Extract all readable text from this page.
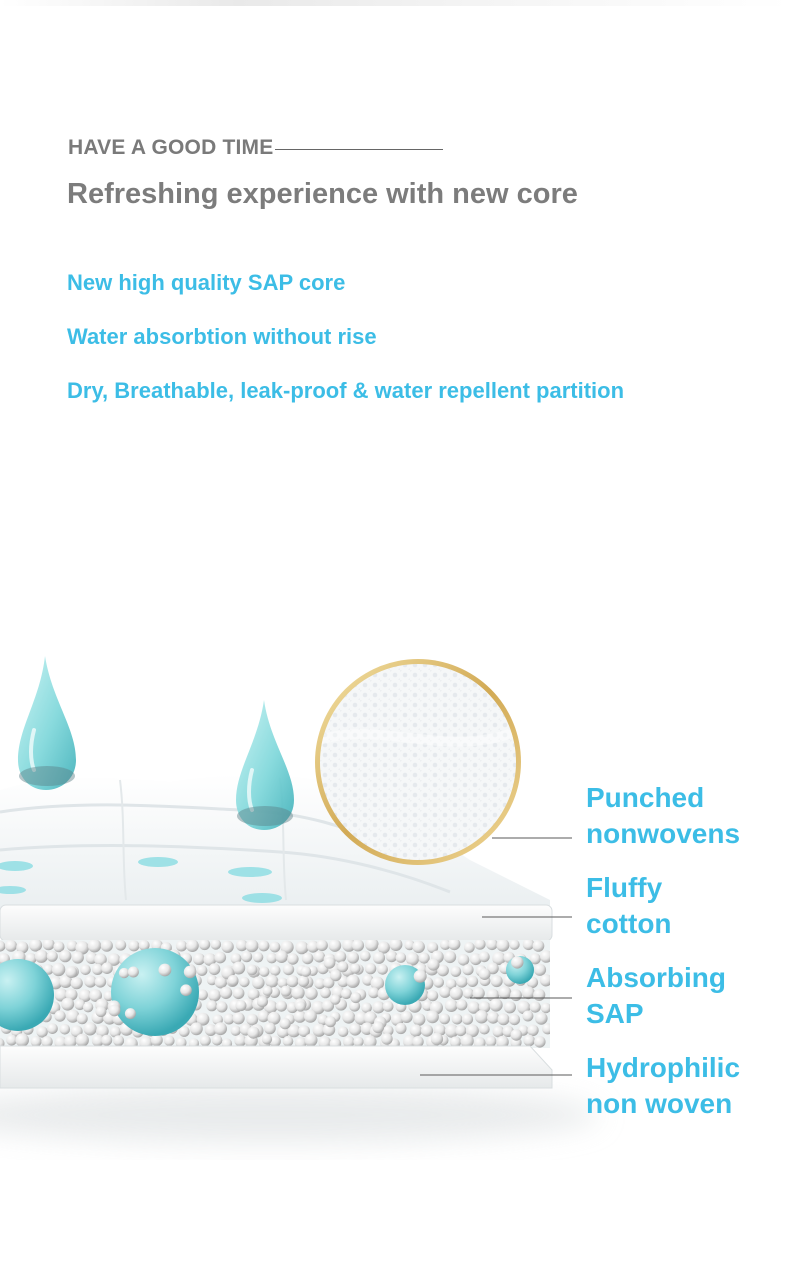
HAVE A GOOD TIME
Refreshing experience with new core
New high quality SAP core
Water absorbtion without rise
Dry, Breathable, leak-proof & water repellent partition
Punched
nonwovens
Fluffy
cotton
Absorbing
SAP
Hydrophilic
non woven
